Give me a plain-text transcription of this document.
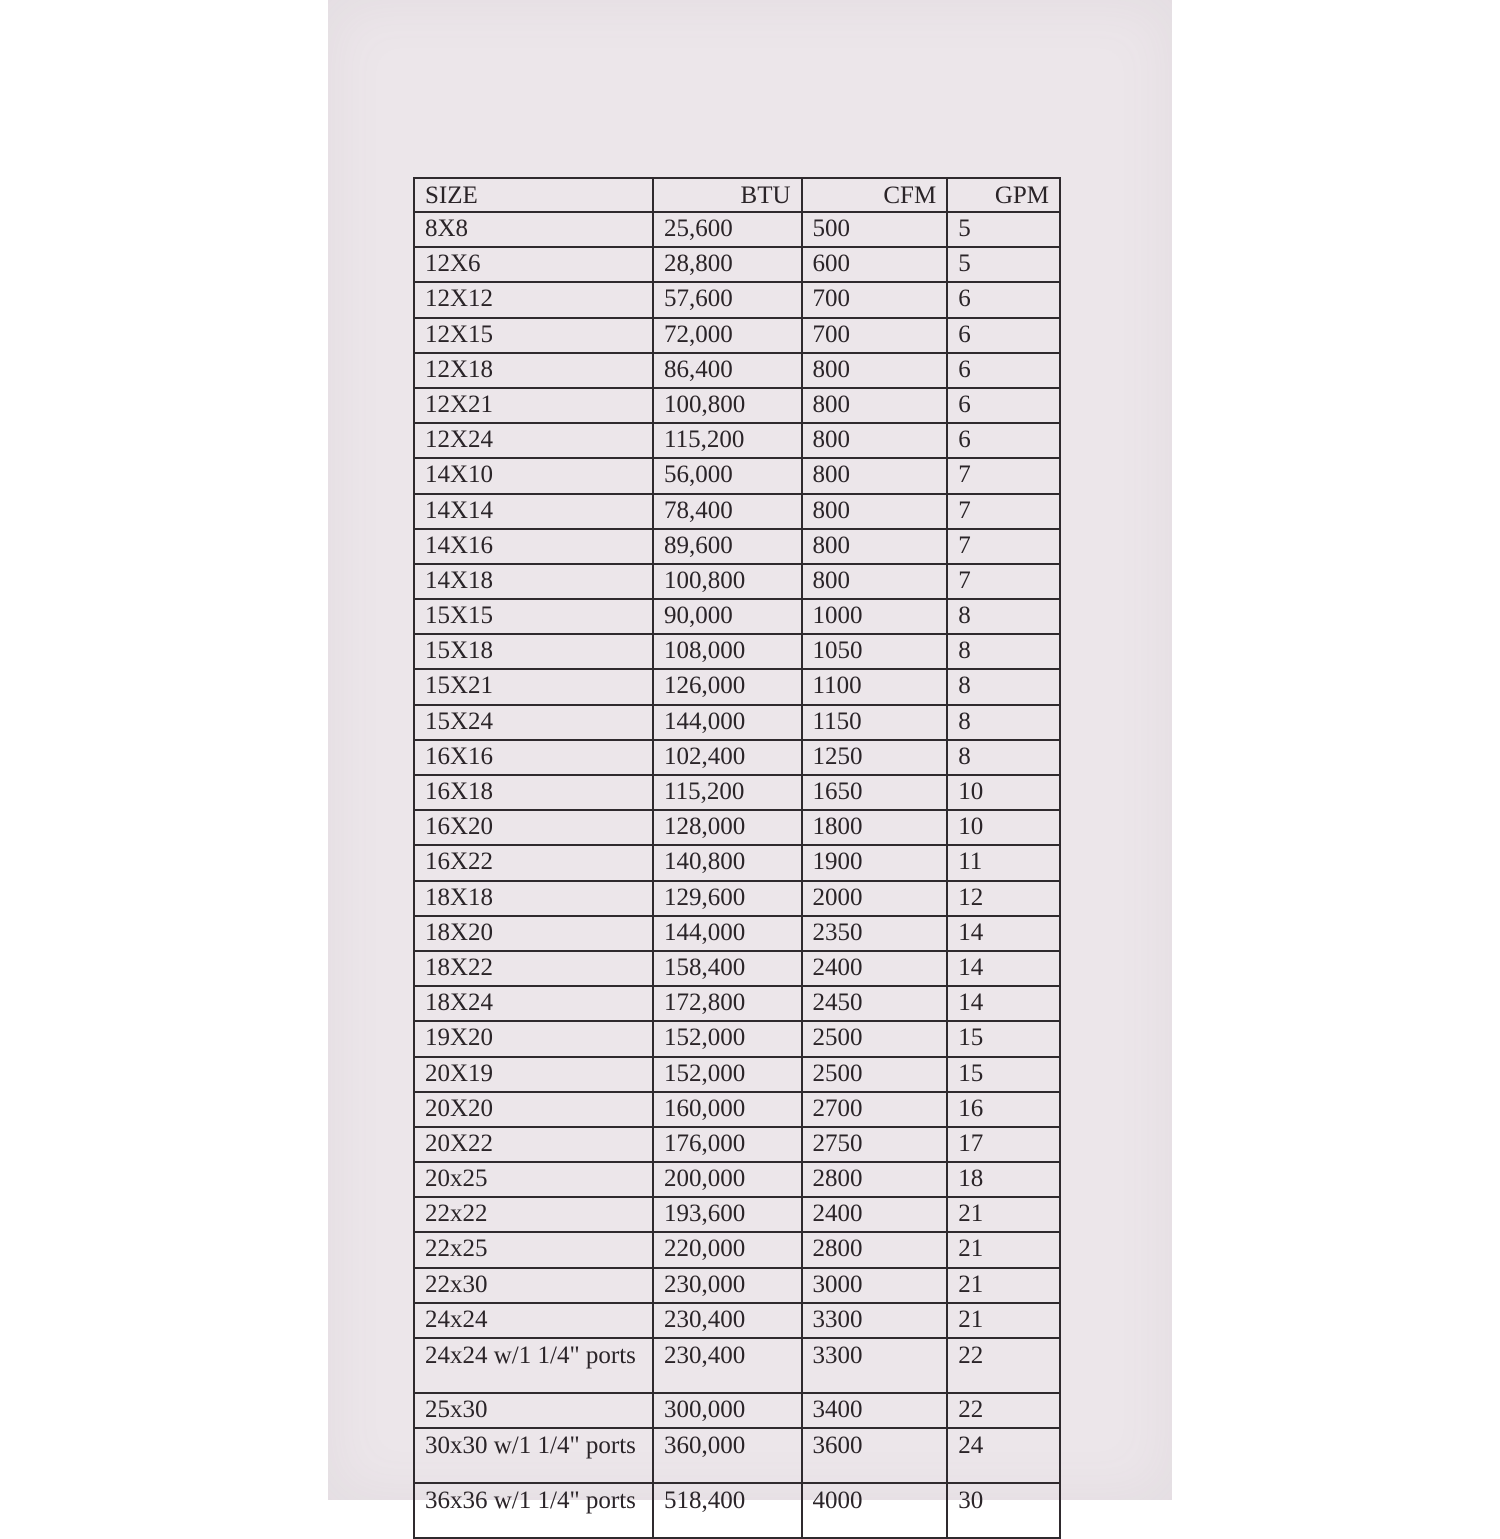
SIZE	BTU	CFM	GPM
8X8	25,600	500	5
12X6	28,800	600	5
12X12	57,600	700	6
12X15	72,000	700	6
12X18	86,400	800	6
12X21	100,800	800	6
12X24	115,200	800	6
14X10	56,000	800	7
14X14	78,400	800	7
14X16	89,600	800	7
14X18	100,800	800	7
15X15	90,000	1000	8
15X18	108,000	1050	8
15X21	126,000	1100	8
15X24	144,000	1150	8
16X16	102,400	1250	8
16X18	115,200	1650	10
16X20	128,000	1800	10
16X22	140,800	1900	11
18X18	129,600	2000	12
18X20	144,000	2350	14
18X22	158,400	2400	14
18X24	172,800	2450	14
19X20	152,000	2500	15
20X19	152,000	2500	15
20X20	160,000	2700	16
20X22	176,000	2750	17
20x25	200,000	2800	18
22x22	193,600	2400	21
22x25	220,000	2800	21
22x30	230,000	3000	21
24x24	230,400	3300	21
24x24 w/1 1/4" ports	230,400	3300	22
25x30	300,000	3400	22
30x30 w/1 1/4" ports	360,000	3600	24
36x36 w/1 1/4" ports	518,400	4000	30
